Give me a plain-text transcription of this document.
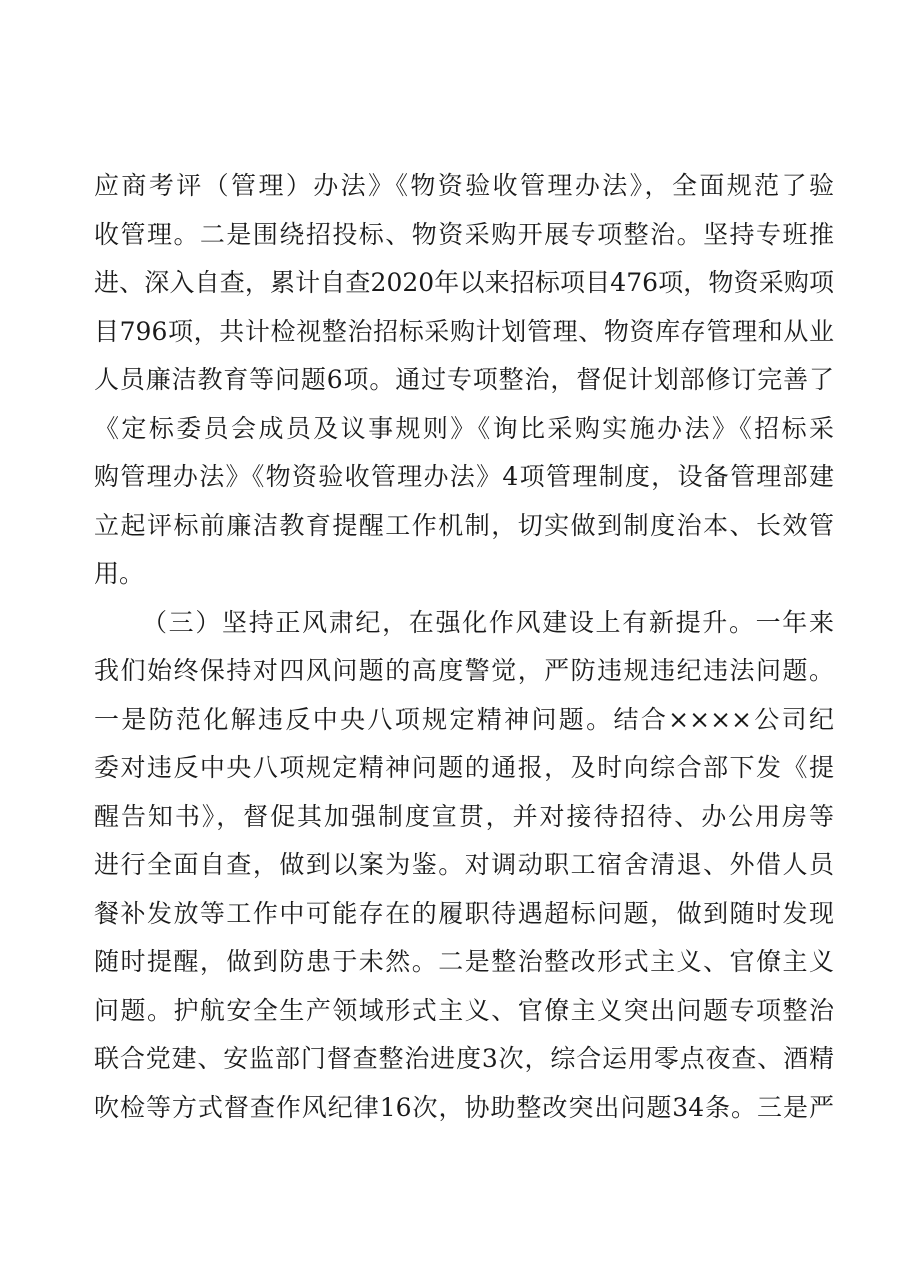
应商考评（管理）办法》《物资验收管理办法》，全面规范了验
收管理。二是围绕招投标、物资采购开展专项整治。坚持专班推
进、深入自查，累计自查2020年以来招标项目476项，物资采购项
目796项，共计检视整治招标采购计划管理、物资库存管理和从业
人员廉洁教育等问题6项。通过专项整治，督促计划部修订完善了
《定标委员会成员及议事规则》《询比采购实施办法》《招标采
购管理办法》《物资验收管理办法》4项管理制度，设备管理部建
立起评标前廉洁教育提醒工作机制，切实做到制度治本、长效管
用。
（三）坚持正风肃纪，在强化作风建设上有新提升。一年来
我们始终保持对四风问题的高度警觉，严防违规违纪违法问题。
一是防范化解违反中央八项规定精神问题。结合××××公司纪
委对违反中央八项规定精神问题的通报，及时向综合部下发《提
醒告知书》，督促其加强制度宣贯，并对接待招待、办公用房等
进行全面自查，做到以案为鉴。对调动职工宿舍清退、外借人员
餐补发放等工作中可能存在的履职待遇超标问题，做到随时发现
随时提醒，做到防患于未然。二是整治整改形式主义、官僚主义
问题。护航安全生产领域形式主义、官僚主义突出问题专项整治
联合党建、安监部门督查整治进度3次，综合运用零点夜查、酒精
吹检等方式督查作风纪律16次，协助整改突出问题34条。三是严
